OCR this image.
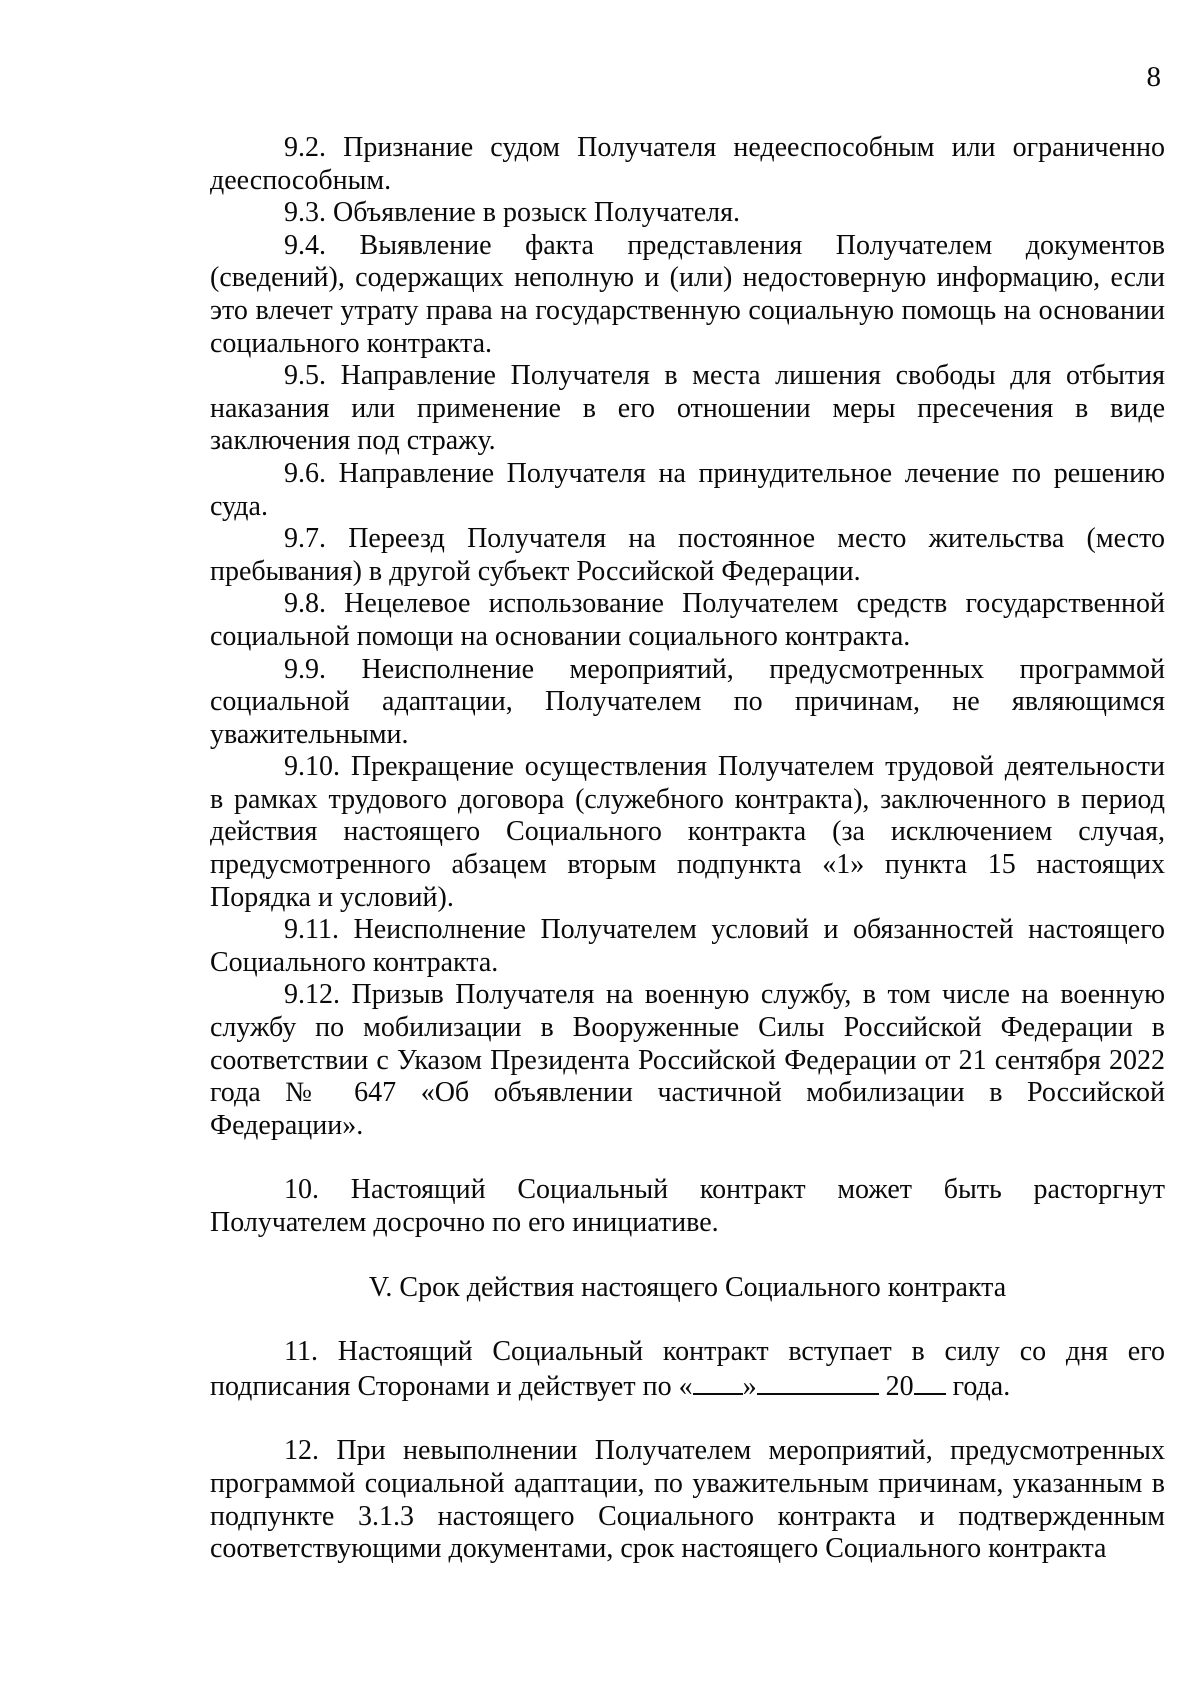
8

9.2. Признание судом Получателя недееспособным или ограниченно дееспособным.

9.3. Объявление в розыск Получателя.

9.4. Выявление факта представления Получателем документов (сведений), содержащих неполную и (или) недостоверную информацию, если это влечет утрату права на государственную социальную помощь на основании социального контракта.

9.5. Направление Получателя в места лишения свободы для отбытия наказания или применение в его отношении меры пресечения в виде заключения под стражу.

9.6. Направление Получателя на принудительное лечение по решению суда.

9.7. Переезд Получателя на постоянное место жительства (место пребывания) в другой субъект Российской Федерации.

9.8. Нецелевое использование Получателем средств государственной социальной помощи на основании социального контракта.

9.9. Неисполнение мероприятий, предусмотренных программой социальной адаптации, Получателем по причинам, не являющимся уважительными.

9.10. Прекращение осуществления Получателем трудовой деятельности в рамках трудового договора (служебного контракта), заключенного в период действия настоящего Социального контракта (за исключением случая, предусмотренного абзацем вторым подпункта «1» пункта 15 настоящих Порядка и условий).

9.11. Неисполнение Получателем условий и обязанностей настоящего Социального контракта.

9.12. Призыв Получателя на военную службу, в том числе на военную службу по мобилизации в Вооруженные Силы Российской Федерации в соответствии с Указом Президента Российской Федерации от 21 сентября 2022 года № 647 «Об объявлении частичной мобилизации в Российской Федерации».

10. Настоящий Социальный контракт может быть расторгнут Получателем досрочно по его инициативе.

V. Срок действия настоящего Социального контракта

11. Настоящий Социальный контракт вступает в силу со дня его подписания Сторонами и действует по « »	20 года.

12. При невыполнении Получателем мероприятий, предусмотренных программой социальной адаптации, по уважительным причинам, указанным в подпункте 3.1.3 настоящего Социального контракта и подтвержденным соответствующими документами, срок настоящего Социального контракта
